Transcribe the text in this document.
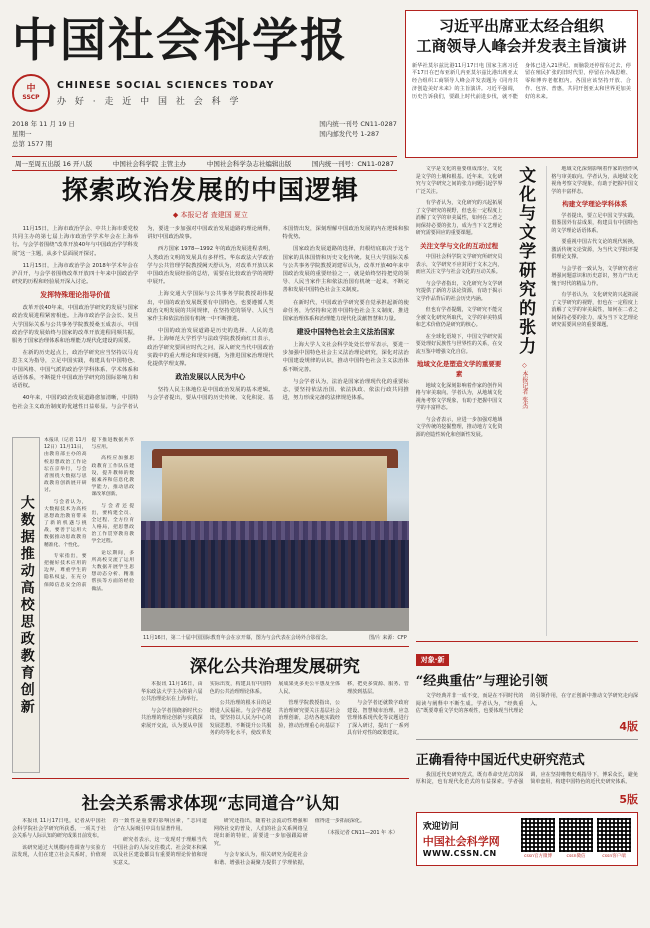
中国社会科学报
中
SSCP
CHINESE SOCIAL SCIENCES TODAY
办 好 · 走 近 中 国 社 会 科 学
2018 年 11 月 19 日
星期一
总第 1577 期
国内统一刊号 CN11-0287
国内邮发代号 1-287
周一至周五出版 16 开八版	中国社会科学院 主管主办	中国社会科学杂志社编辑出版	国内统一刊号：CN11-0287
习近平出席亚太经合组织
工商领导人峰会并发表主旨演讲
新华社莫尔兹比港11月17日电 国家主席习近平17日在巴布亚新几内亚莫尔兹比港出席亚太经合组织工商领导人峰会并发表题为《同舟共济创造美好未来》的主旨演讲。习近平强调，历史告诉我们，要跟上时代前进步伐，就不能身体已进入21世纪，而脑袋还停留在过去，停留在殖民扩张的旧时代里，停留在冷战思维、零和博弈老框框内。各国应该坚持开放、合作、包容、普惠，共同开创亚太和世界更加美好的未来。
探索政治发展的中国逻辑
◆ 本报记者 查建国 夏立

11月15日，上海市政治学会、中共上海市委党校共同主办的第七届上海市政治学学术年会在上海举行。与会学者围绕“改革开放40年与中国政治学学科发展”这一主题，从多个层面展开探讨。

11月15日，上海市政治学会 2018年学术年会在沪召开，与会学者围绕改革开放四十年来中国政治学研究的历程和经验展开深入讨论。

发挥特殊理论指导价值

改革开放40年来，中国政治学研究的发展与国家政治发展进程紧密相连。上海市政治学会会长、复旦大学国际关系与公共事务学院教授桑玉成表示，中国政治学的发展始终与国家的改革开放进程同频共振，服务于国家治理体系和治理能力现代化建设的需要。

在新的历史起点上，政治学研究应当坚持以马克思主义为指导，立足中国实践，构建具有中国特色、中国风格、中国气派的政治学学科体系、学术体系和话语体系，不断提升中国政治学研究的国际影响力和话语权。

40年来，中国的政治发展道路愈加清晰，中国特色社会主义政治制度的优越性日益彰显。与会学者认为，要进一步加强对中国政治发展道路的理论阐释，讲好中国政治故事。

西方国家 1978—1992 年的政治发展进程表明，人类政治文明的发展具有多样性。华东政法大学政治学与公共管理学院教授阙天舒认为，对改革开放以来中国政治发展经验的总结，需要在比较政治学的视野中展开。

上海交通大学国际与公共事务学院教授胡伟提出，中国的政治发展既要有中国特色，也要遵循人类政治文明发展的共同规律，在坚持党的领导、人民当家作主和依法治国有机统一中不断推进。

中国的政治发展道路是历史的选择、人民的选择。上海师范大学哲学与法政学院教授商红日表示，政治学研究要回应时代之问，深入研究当代中国政治实践中的重大理论和现实问题，为推进国家治理现代化提供学理支撑。

政治发展以人民为中心

坚持人民主体地位是中国政治发展的基本逻辑。与会学者提出，要从中国的历史传统、文化积淀、基本国情出发，深刻理解中国政治发展的内在逻辑和独特优势。

国家政治发展道路的选择，归根结底取决于这个国家的具体国情和历史文化传统。复旦大学国际关系与公共事务学院教授刘建军认为，改革开放40年来中国政治发展的重要经验之一，就是始终坚持把党的领导、人民当家作主和依法治国有机统一起来，不断完善和发展中国特色社会主义制度。

在新时代，中国政治学研究要自觉承担起新的使命任务，为坚持和完善中国特色社会主义制度、推进国家治理体系和治理能力现代化贡献智慧和力量。

建设中国特色社会主义法治国家

上海大学人文社会科学处处长曾军表示，要进一步加强中国特色社会主义法治理论研究，深化对法治中国建设规律的认识，推动中国特色社会主义法治体系不断完善。

与会学者认为，法治是国家治理现代化的重要标志，要坚持依法治国、依法执政、依法行政共同推进，努力形成完备的法律规范体系。

大数据推动高校思政教育创新

本报讯（记者 11月12日）11月11日，由教育部主办的高校思想政治工作论坛在京举行，与会者围绕大数据与思政教育创新展开研讨。

与会者认为，大数据技术为高校思想政治教育带来了新的机遇与挑战，要善于运用大数据推动思政教育精准化、个性化。

专家指出，要把握好技术应用的边界，尊重学生的隐私权益，在充分保障信息安全的前提下推进数据共享与应用。

高校应加强思政教育工作队伍建设，提升教师的数据素养和信息化教学能力，推动思政课改革创新。

与会者还提出，要构建全员、全过程、全方位育人格局，把思想政治工作贯穿教育教学全过程。

论坛期间，多所高校交流了运用大数据开展学生思想动态分析、精准帮扶等方面的经验做法。

11月16日，第二十届中国国际教育年会在京开幕，图为与会代表在会场外合影留念。	图/片 来源：CFP
深化公共治理发展研究

本报讯 11月16日，由华东政法大学主办的第六届公共治理论坛在上海举行。

与会学者围绕新时代公共治理的理论创新与实践探索展开交流，认为要从中国实际出发，构建具有中国特色的公共治理理论体系。

公共治理的根本目的是增进人民福祉。与会学者提出，要坚持以人民为中心的发展思想，不断提升公共服务的均等化水平，使改革发展成果更多更公平惠及全体人民。

管理学院教授指出，公共治理研究要关注基层社会治理创新，总结各地实践经验，推动治理重心向基层下移，把更多资源、服务、管理放到基层。

与会学者还就数字政府建设、智慧城市治理、应急管理体系现代化等议题进行了深入研讨，提出了一系列具有针对性的政策建议。

社会关系需求体现“志同道合”认知

本报讯 11月17日电，记者从中国社会科学院社会学研究所获悉，一项关于社会关系与人际认知的研究成果日前发布。

该研究通过大规模问卷调查与实验方法发现，人们在建立社会关系时，价值观的一致性是重要的影响因素，“志同道合”在人际吸引中具有显著作用。

研究者表示，这一发现对于理解当代中国社会的人际交往模式、社会资本积累以及社区建设都具有重要的理论价值和现实意义。

研究还指出，随着社会流动性增强和网络社交的普及，人们的社会关系网络呈现出新的特征，需要进一步加强跟踪研究。

与会专家认为，相关研究为促进社会和谐、增强社会凝聚力提供了学理依据，值得进一步拓展深化。

（本报记者 CN11—201 年 本）

文学是文化的重要组成部分，文化是文学的土壤和根基。近年来，文化研究与文学研究之间的张力问题引起学界广泛关注。

有学者认为，文化研究的兴起拓展了文学研究的视野，但也在一定程度上消解了文学的审美属性，如何在二者之间保持必要的张力，成为当下文艺理论研究需要回应的重要课题。

关注文学与文化的互动过程

中国社会科学院文学研究所研究员表示，文学研究不应封闭于文本之内，而应关注文学与社会文化的互动关系。

与会学者指出，文化研究为文学研究提供了新的方法论资源，有助于揭示文学作品背后的社会历史内涵。

但也有学者提醒，文学研究不能完全被文化研究所取代，文学的审美特质和艺术价值仍是研究的核心。

在全球化语境下，中国文学研究需要处理好民族性与世界性的关系，在交流互鉴中增强文化自信。

地域文化是塑造文学的重要要素

地域文化深刻影响着作家的创作风格与审美取向。学者认为，从地域文化视角考察文学现象，有助于把握中国文学的丰富样态。

与会者表示，应进一步加强对地域文学传统的挖掘整理，推动地方文化资源的创造性转化和创新性发展。

文化与文学研究的张力
◇ 本报记者 张杰

地域文化深刻影响着作家的创作风格与审美取向。学者认为，从地域文化视角考察文学现象，有助于把握中国文学的丰富样态。

构建文学理论学科体系

学者提出，要立足中国文学实践，借鉴国外有益成果，构建具有中国特色的文学理论话语体系。

要重视中国古代文论的现代转换，激活传统文论资源，为当代文学批评提供理论支撑。

与会学者一致认为，文学研究者应增强问题意识和历史意识，努力产出无愧于时代的精品力作。

有学者认为，文化研究的兴起拓展了文学研究的视野，但也在一定程度上消解了文学的审美属性，如何在二者之间保持必要的张力，成为当下文艺理论研究需要回应的重要课题。

对象·新
“经典重估”与理论引领

文学经典并非一成不变，而是在不同时代的阅读与阐释中不断生成。学者认为，“经典重估”既要尊重文学史的客观性，也要体现当代理论的引领作用，在守正创新中推动文学研究走向深入。

4版
正确看待中国近代史研究范式

我国近代史研究范式，既有革命史范式的深厚积淀，也有现代化范式的有益探索。学者强调，应在坚持唯物史观指导下，博采众长，避免简单套用，构建中国特色的近代史研究体系。

5版
欢迎访问
中国社会科学网
WWW.CSSN.CN	cssn官方微博	cssn微信	cssn客户端
